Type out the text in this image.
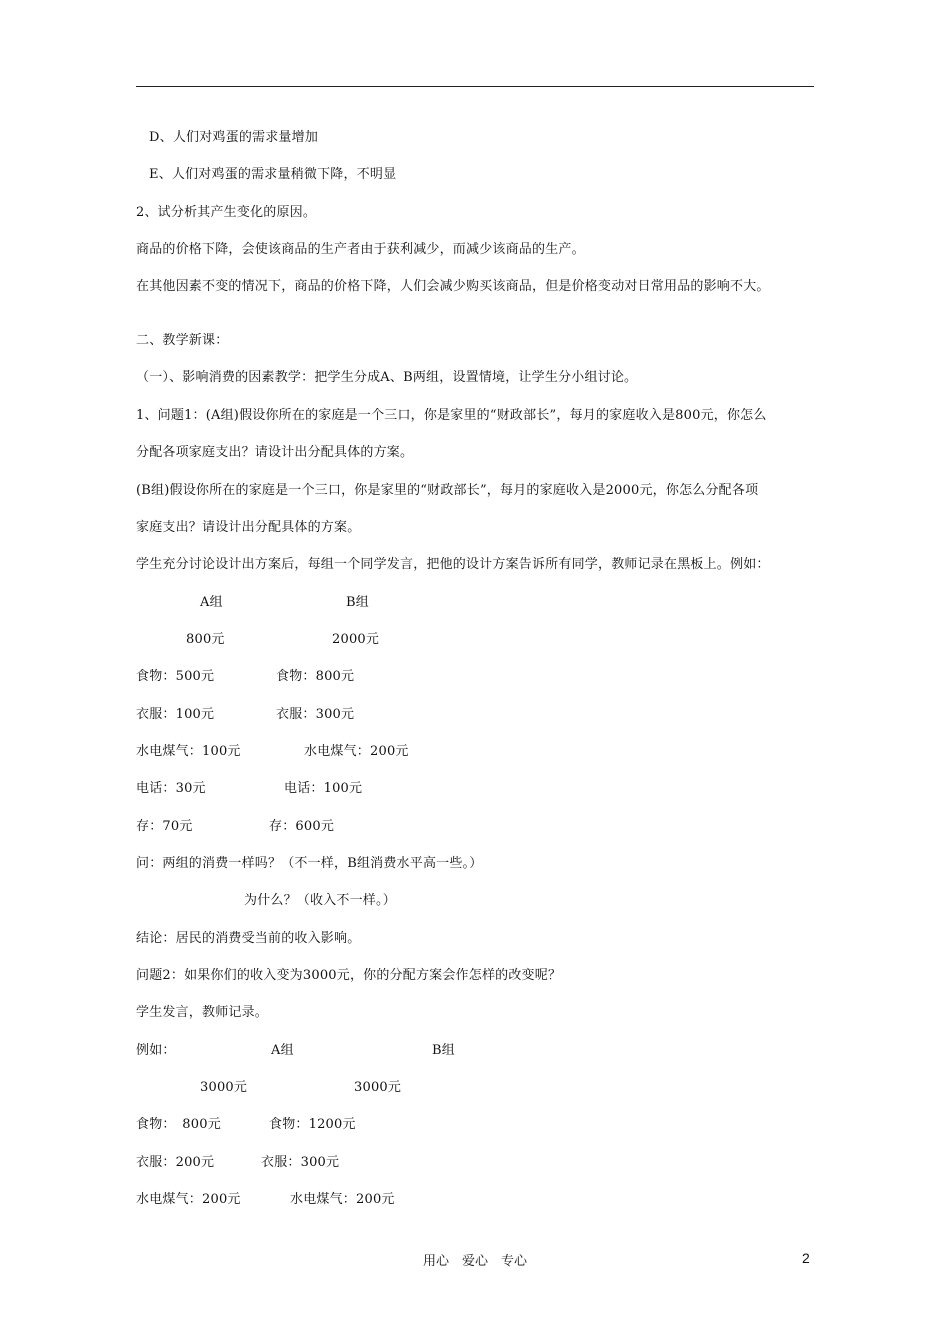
D、人们对鸡蛋的需求量增加
E、人们对鸡蛋的需求量稍微下降，不明显
2、试分析其产生变化的原因。
商品的价格下降，会使该商品的生产者由于获利减少，而减少该商品的生产。
在其他因素不变的情况下，商品的价格下降，人们会减少购买该商品，但是价格变动对日常用品的影响不大。
二、教学新课：
（一）、影响消费的因素教学：把学生分成A、B两组，设置情境，让学生分小组讨论。
1、问题1：(A组)假设你所在的家庭是一个三口，你是家里的“财政部长”，每月的家庭收入是800元，你怎么
分配各项家庭支出？请设计出分配具体的方案。
(B组)假设你所在的家庭是一个三口，你是家里的“财政部长”，每月的家庭收入是2000元，你怎么分配各项
家庭支出？请设计出分配具体的方案。
学生充分讨论设计出方案后，每组一个同学发言，把他的设计方案告诉所有同学，教师记录在黑板上。例如：
A组	B组
800元	2000元
食物：500元	食物：800元
衣服：100元	衣服：300元
水电煤气：100元	水电煤气：200元
电话：30元	电话：100元
存：70元	存：600元
问：两组的消费一样吗？（不一样，B组消费水平高一些。）
为什么？（收入不一样。）
结论：居民的消费受当前的收入影响。
问题2：如果你们的收入变为3000元，你的分配方案会作怎样的改变呢？
学生发言，教师记录。
例如：	A组	B组
3000元	3000元
食物：　800元	食物：1200元
衣服：200元	衣服：300元
水电煤气：200元	水电煤气：200元
用心　爱心　专心	2
